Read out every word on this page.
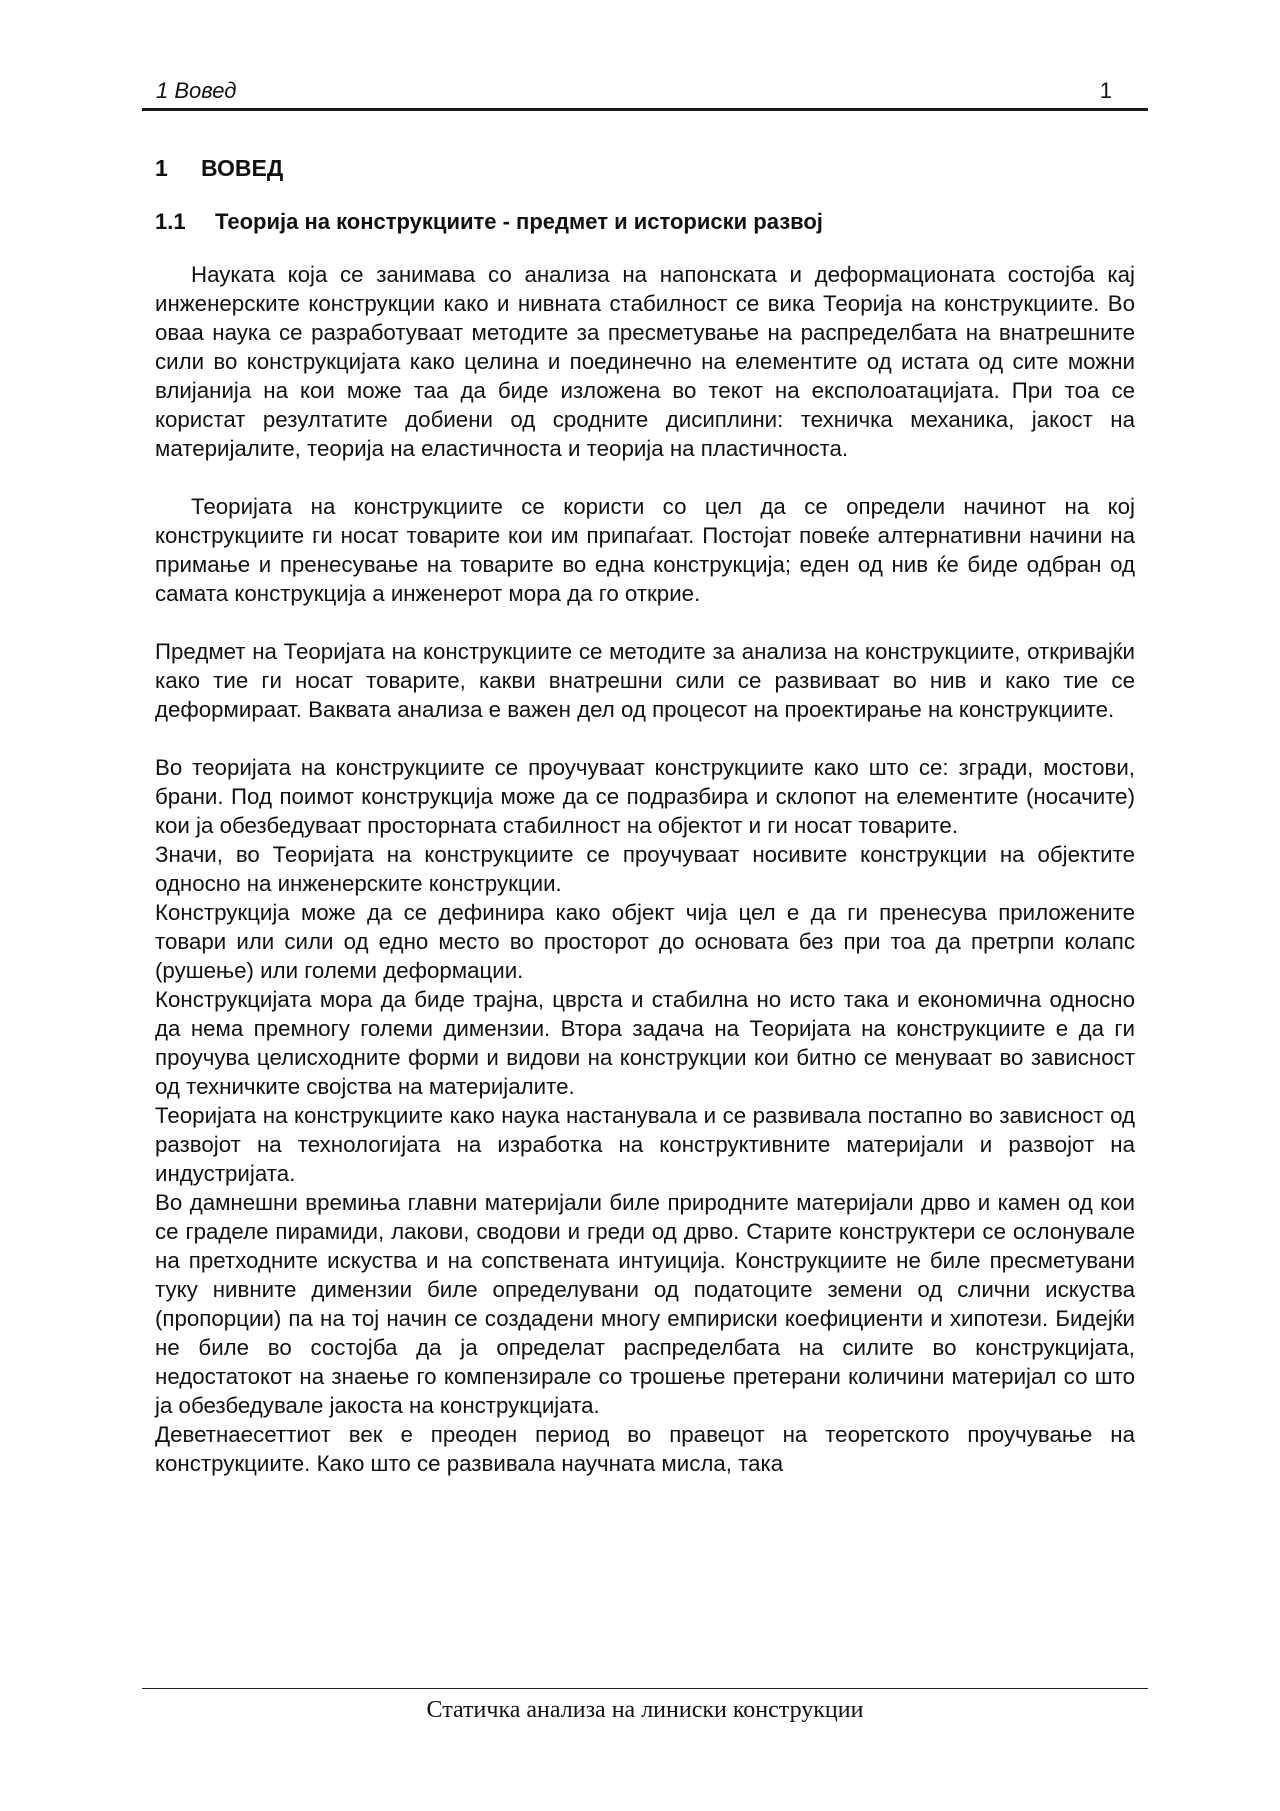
1 Вовед	1
1 ВОВЕД
1.1 Теорија на конструкциите - предмет и историски развој

Науката која се занимава со анализа на напонската и деформационата состојба кај инженерските конструкции како и нивната стабилност се вика Теорија на конструкциите. Во оваа наука се разработуваат методите за пресметување на распределбата на внатрешните сили во конструкцијата како целина и поединечно на елементите од истата од сите можни влијанија на кои може таа да биде изложена во текот на експолоатацијата. При тоа се користат резултатите добиени од сродните дисиплини: техничка механика, јакост на материјалите, теорија на еластичноста и теорија на пластичноста.

Теоријата на конструкциите се користи со цел да се определи начинот на кој конструкциите ги носат товарите кои им припаѓаат. Постојат повеќе алтернативни начини на примање и пренесување на товарите во една конструкција; еден од нив ќе биде одбран од самата конструкција а инженерот мора да го открие.

Предмет на Теоријата на конструкциите се методите за анализа на конструкциите, откривајќи како тие ги носат товарите, какви внатрешни сили се развиваат во нив и како тие се деформираат. Ваквата анализа е важен дел од процесот на проектирање на конструкциите.

Во теоријата на конструкциите се проучуваат конструкциите како што се: згради, мостови, брани. Под поимот конструкција може да се подразбира и склопот на елементите (носачите) кои ја обезбедуваат просторната стабилност на објектот и ги носат товарите.

Значи, во Теоријата на конструкциите се проучуваат носивите конструкции на објектите односно на инженерските конструкции.

Конструкција може да се дефинира како објект чија цел е да ги пренесува приложените товари или сили од едно место во просторот до основата без при тоа да претрпи колапс (рушење) или големи деформации.

Конструкцијата мора да биде трајна, цврста и стабилна но исто така и економична односно да нема премногу големи димензии. Втора задача на Теоријата на конструкциите е да ги проучува целисходните форми и видови на конструкции кои битно се менуваат во зависност од техничките својства на материјалите.

Теоријата на конструкциите како наука настанувала и се развивала постапно во зависност од развојот на технологијата на изработка на конструктивните материјали и развојот на индустријата.

Во дамнешни времиња главни материјали биле природните материјали дрво и камен од кои се граделе пирамиди, лакови, сводови и греди од дрво. Старите конструктери се ослонувале на претходните искуства и на сопствената интуиција. Конструкциите не биле пресметувани туку нивните димензии биле определувани од податоците земени од слични искуства (пропорции) па на тој начин се создадени многу емпириски коефициенти и хипотези. Бидејќи не биле во состојба да ја определат распределбата на силите во конструкцијата, недостатокот на знаење го компензирале со трошење претерани количини материјал со што ја обезбедувале јакоста на конструкцијата.

Деветнаесеттиот век е преоден период во правецот на теоретското проучување на конструкциите. Како што се развивала научната мисла, така

Статичка анализа на линиски конструкции
